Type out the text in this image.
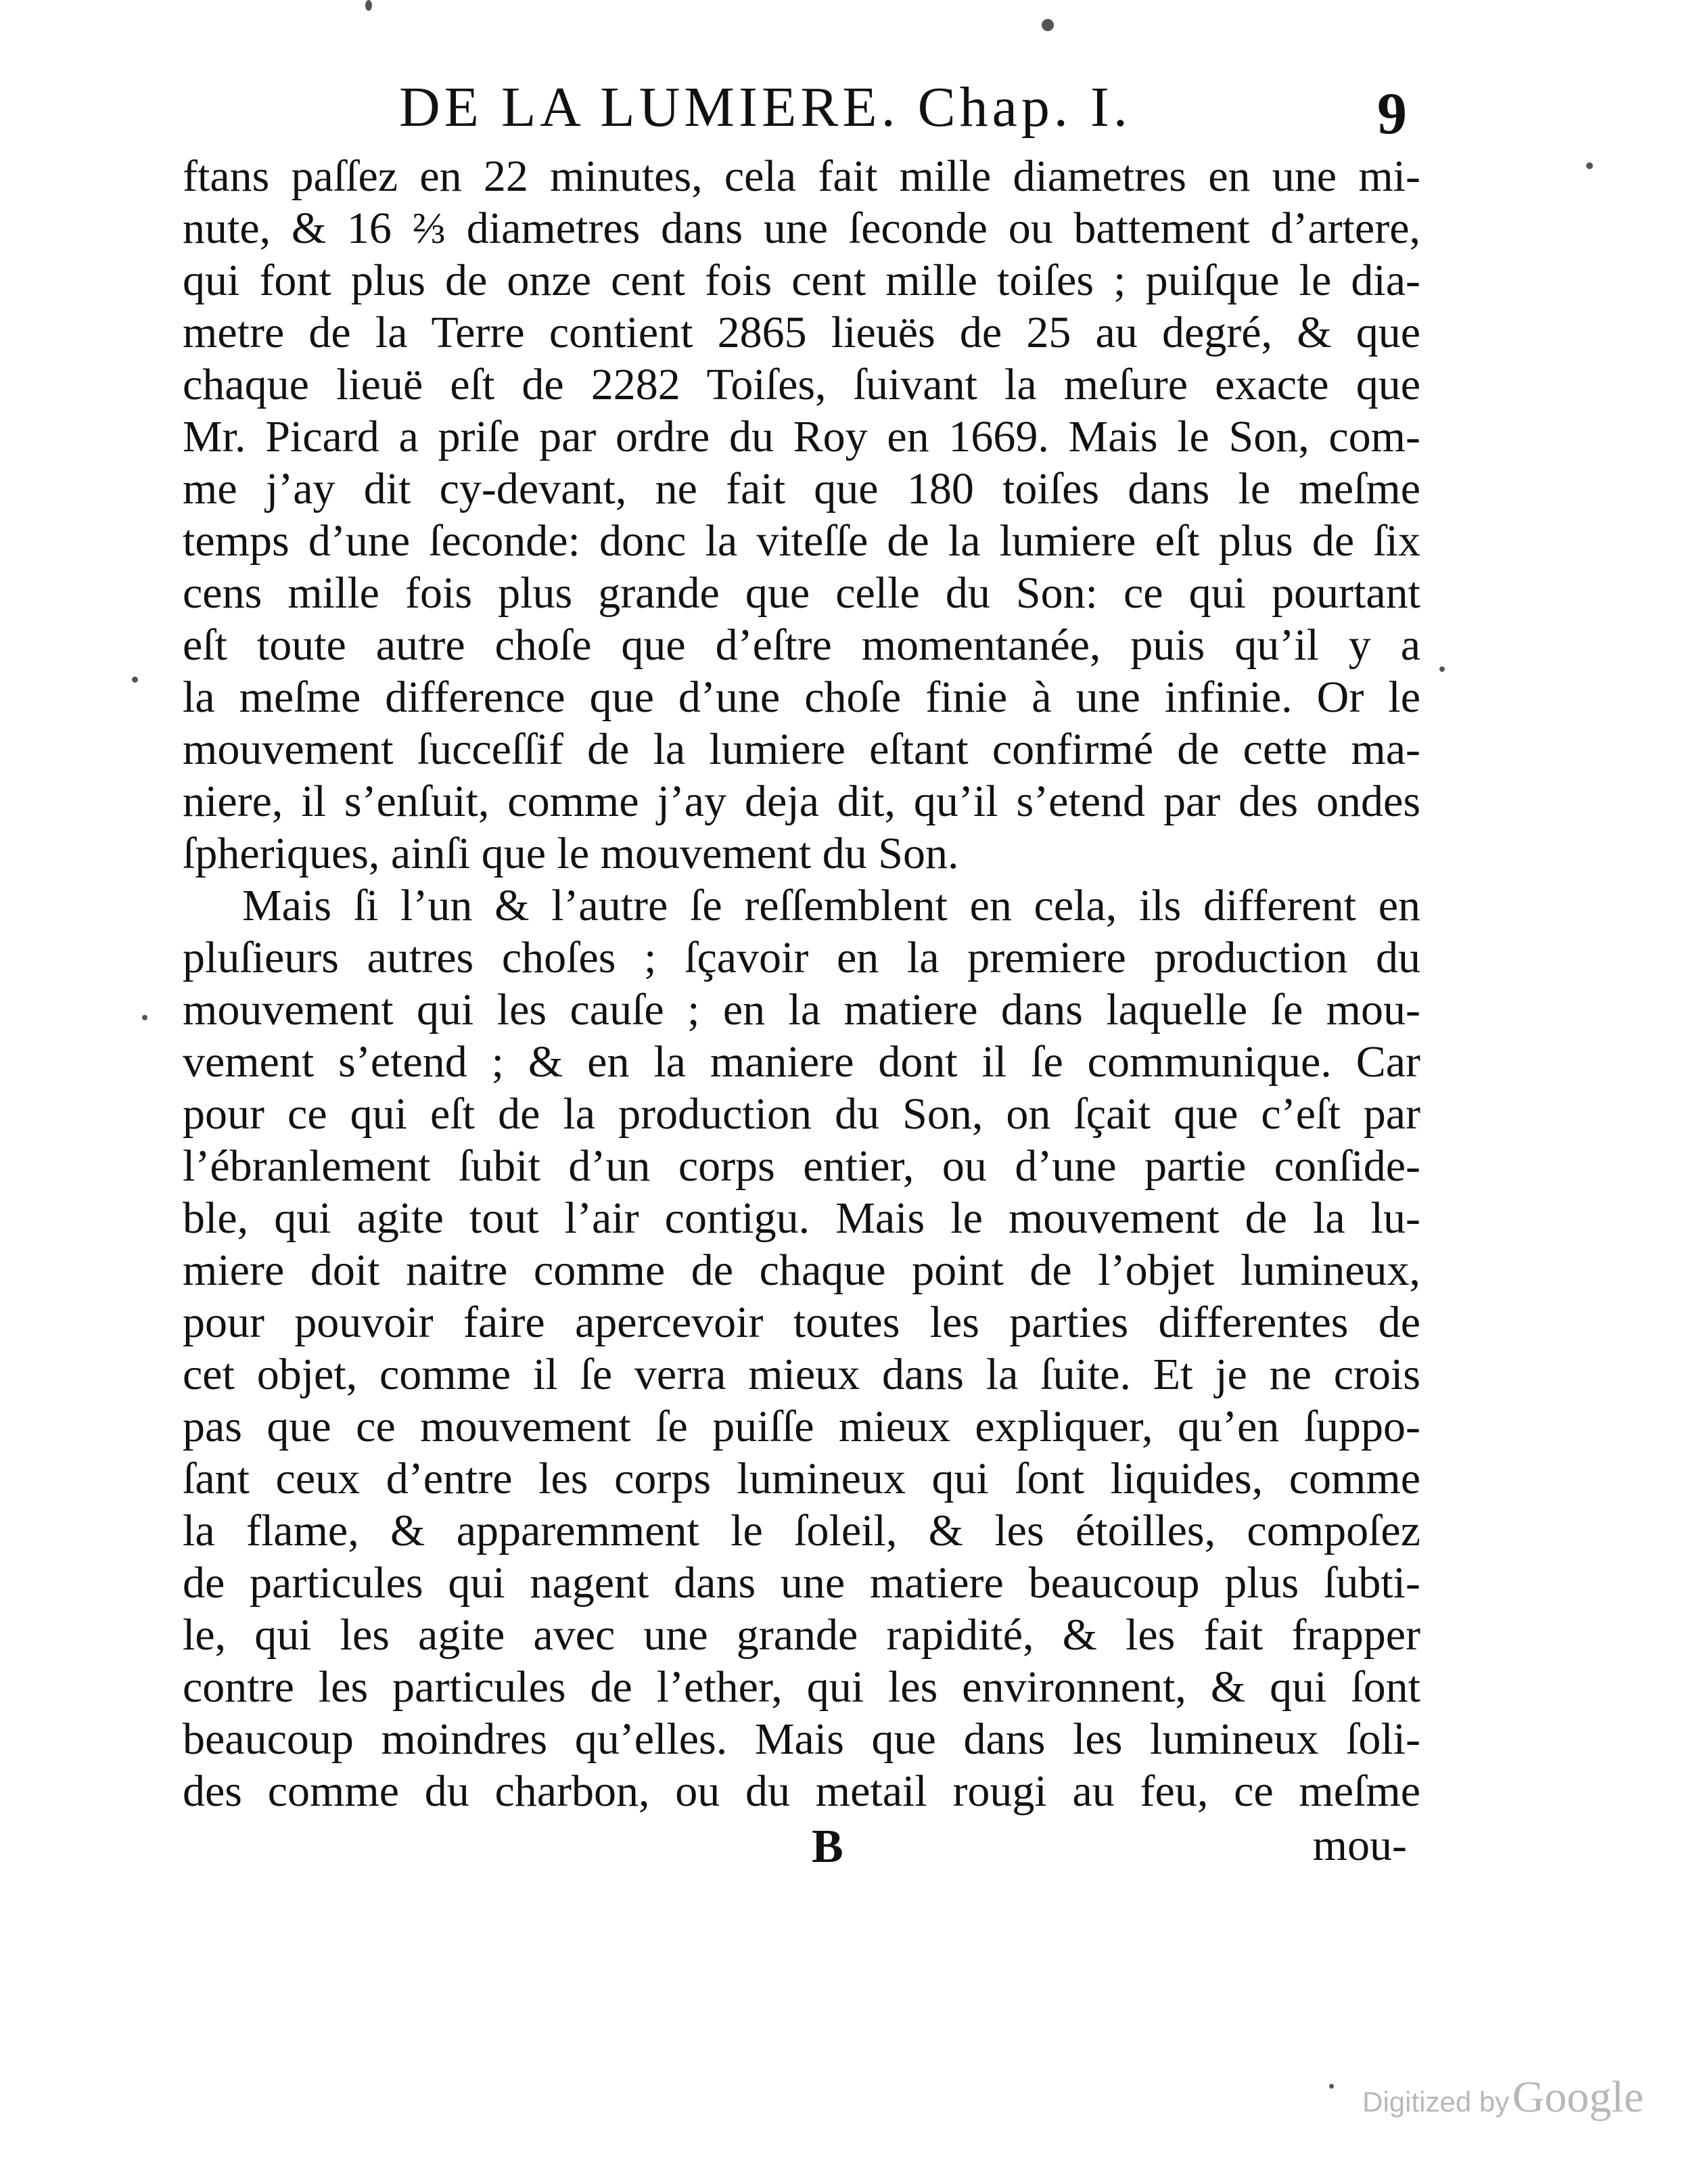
DE LA LUMIERE. Chap. I.	9
ftans paſſez en 22 minutes, cela fait mille diametres en une mi-
nute, & 16 ⅔ diametres dans une ſeconde ou battement d’artere,
qui font plus de onze cent fois cent mille toiſes ; puiſque le dia-
metre de la Terre contient 2865 lieuës de 25 au degré, & que
chaque lieuë eſt de 2282 Toiſes, ſuivant la meſure exacte que
Mr. Picard a priſe par ordre du Roy en 1669. Mais le Son, com-
me j’ay dit cy-devant, ne fait que 180 toiſes dans le meſme
temps d’une ſeconde: donc la viteſſe de la lumiere eſt plus de ſix
cens mille fois plus grande que celle du Son: ce qui pourtant
eſt toute autre choſe que d’eſtre momentanée, puis qu’il y a
la meſme difference que d’une choſe finie à une infinie. Or le
mouvement ſucceſſif de la lumiere eſtant confirmé de cette ma-
niere, il s’enſuit, comme j’ay deja dit, qu’il s’etend par des ondes
ſpheriques, ainſi que le mouvement du Son.
Mais ſi l’un & l’autre ſe reſſemblent en cela, ils different en
pluſieurs autres choſes ; ſçavoir en la premiere production du
mouvement qui les cauſe ; en la matiere dans laquelle ſe mou-
vement s’etend ; & en la maniere dont il ſe communique. Car
pour ce qui eſt de la production du Son, on ſçait que c’eſt par
l’ébranlement ſubit d’un corps entier, ou d’une partie conſide-
ble, qui agite tout l’air contigu. Mais le mouvement de la lu-
miere doit naitre comme de chaque point de l’objet lumineux,
pour pouvoir faire apercevoir toutes les parties differentes de
cet objet, comme il ſe verra mieux dans la ſuite. Et je ne crois
pas que ce mouvement ſe puiſſe mieux expliquer, qu’en ſuppo-
ſant ceux d’entre les corps lumineux qui ſont liquides, comme
la flame, & apparemment le ſoleil, & les étoilles, compoſez
de particules qui nagent dans une matiere beaucoup plus ſubti-
le, qui les agite avec une grande rapidité, & les fait frapper
contre les particules de l’ether, qui les environnent, & qui ſont
beaucoup moindres qu’elles. Mais que dans les lumineux ſoli-
des comme du charbon, ou du metail rougi au feu, ce meſme
B	mou-
Digitized by Google
